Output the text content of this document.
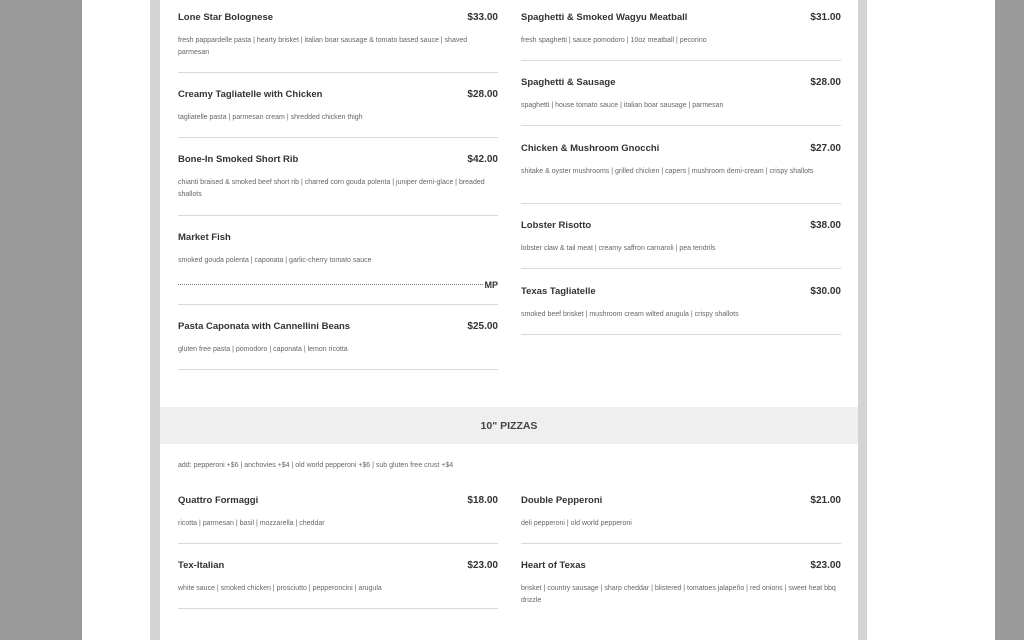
Lone Star Bolognese	$33.00
fresh pappardelle pasta | hearty brisket | italian boar sausage & tomato based sauce | shaved parmesan
Creamy Tagliatelle with Chicken	$28.00
tagliatelle pasta | parmesan cream | shredded chicken thigh
Bone-In Smoked Short Rib	$42.00
chianti braised & smoked beef short rib | charred corn gouda polenta | juniper demi-glace | breaded shallots
Market Fish
smoked gouda polenta | caponata | garlic-cherry tomato sauce
MP
Pasta Caponata with Cannellini Beans	$25.00
gluten free pasta | pomodoro | caponata | lemon ricotta
Spaghetti & Smoked Wagyu Meatball	$31.00
fresh spaghetti | sauce pomodoro | 10oz meatball | pecorino
Spaghetti & Sausage	$28.00
spaghetti | house tomato sauce | italian boar sausage | parmesan
Chicken & Mushroom Gnocchi	$27.00
shitake & oyster mushrooms | grilled chicken | capers | mushroom demi-cream | crispy shallots
Lobster Risotto	$38.00
lobster claw & tail meat | creamy saffron carnaroli | pea tendrils
Texas Tagliatelle	$30.00
smoked beef brisket | mushroom cream wilted arugula | crispy shallots
10" PIZZAS
add: pepperoni +$6 | anchovies +$4 | old world pepperoni +$6 | sub gluten free crust +$4
Quattro Formaggi	$18.00
ricotta | parmesan | basil | mozzarella | cheddar
Tex-Italian	$23.00
white sauce | smoked chicken | prosciutto | pepperoncini | arugula
Double Pepperoni	$21.00
deli pepperoni | old world pepperoni
Heart of Texas	$23.00
brisket | country sausage | sharp cheddar | blistered | tomatoes jalapeño | red onions | sweet heat bbq drizzle
